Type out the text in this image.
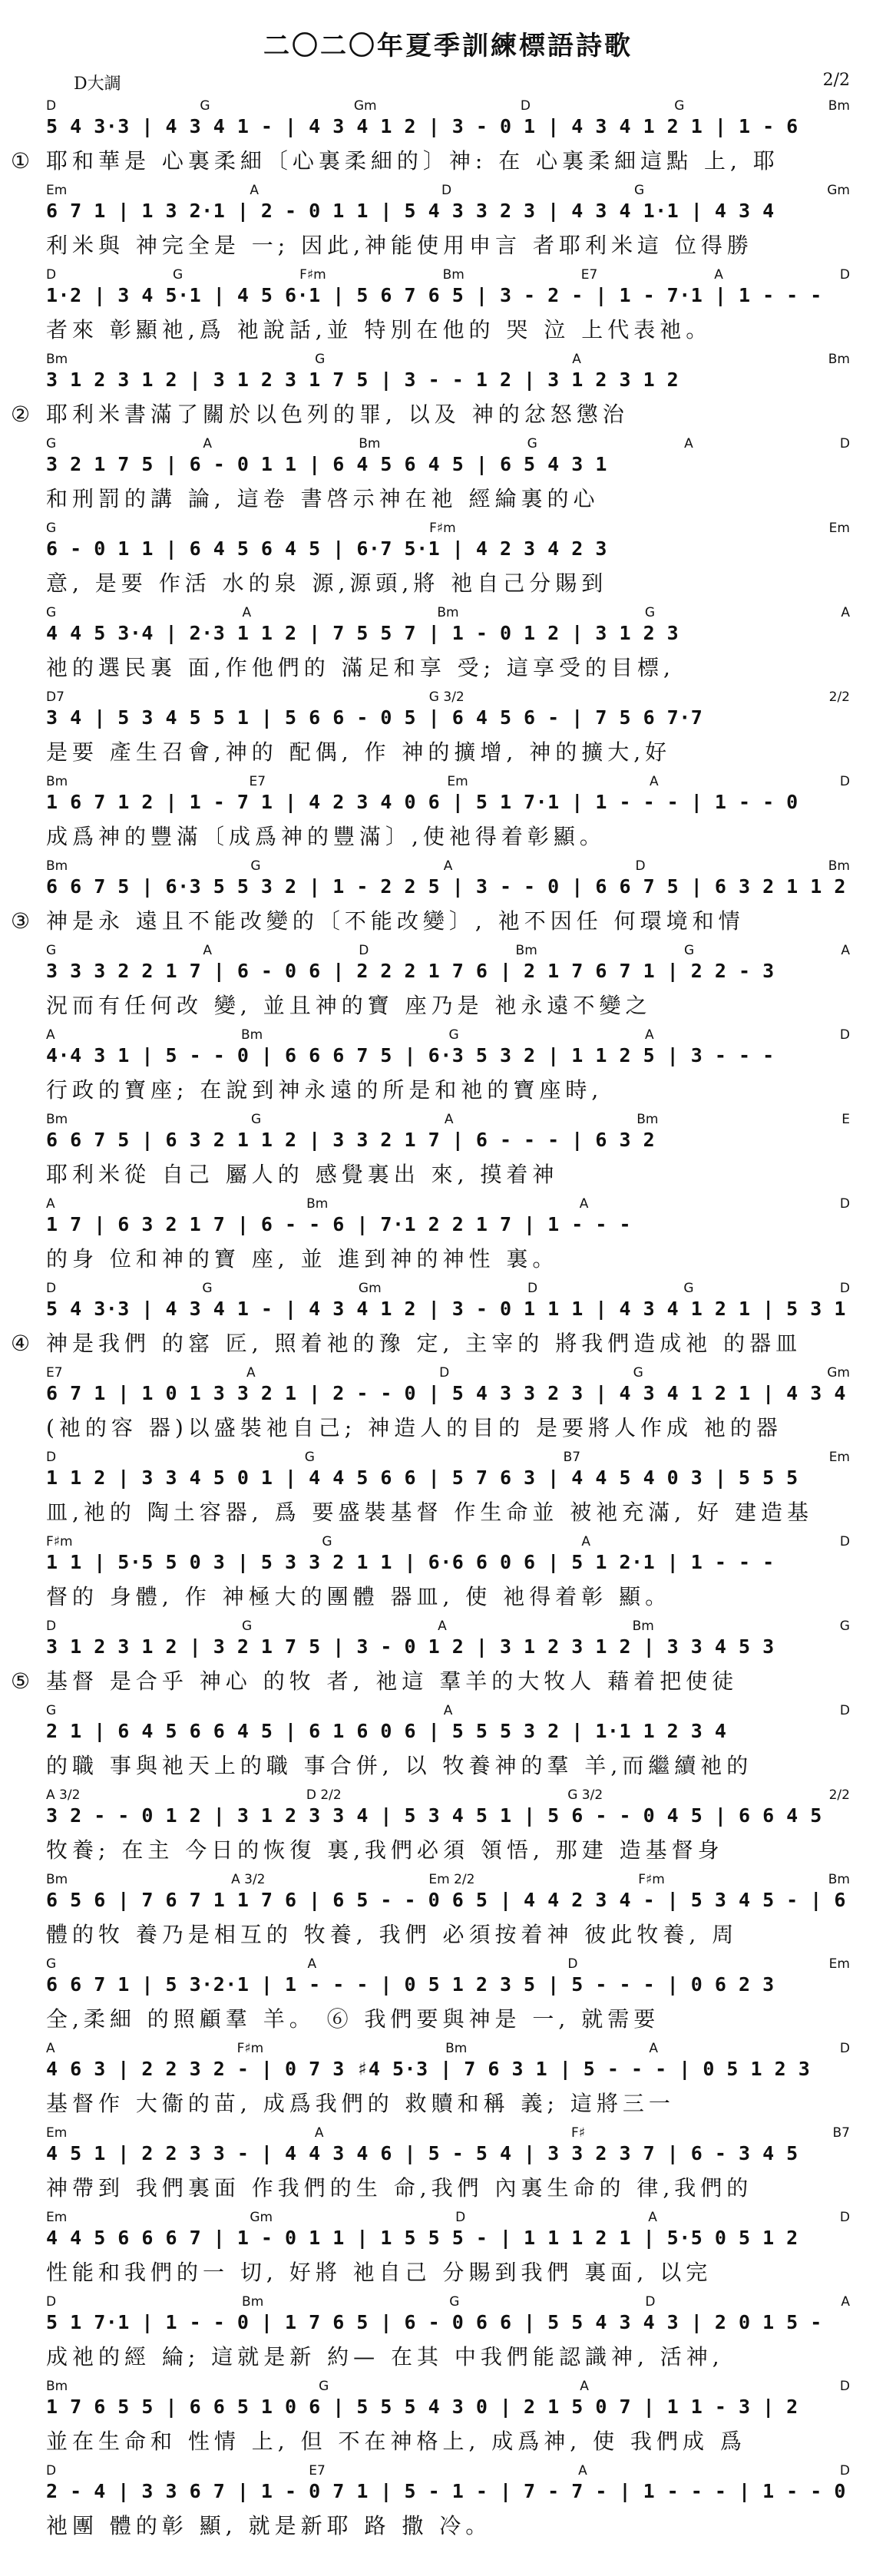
二〇二〇年夏季訓練標語詩歌
D大調	2/2
D	G	Gm	D	G	Bm
5 4 3·3 | 4 3 4 1 - | 4 3 4 1 2 | 3 - 0 1 | 4 3 4 1 2 1 | 1 - 6
① 耶和華是 心裏柔細〔心裏柔細的〕神: 在 心裏柔細這點 上, 耶
Em	A	D	G	Gm
6 7 1 | 1 3 2·1 | 2 - 0 1 1 | 5 4 3 3 2 3 | 4 3 4 1·1 | 4 3 4
利米與 神完全是 一; 因此,神能使用申言 者耶利米這 位得勝
D	G	F♯m	Bm	E7	A	D
1·2 | 3 4 5·1 | 4 5 6·1 | 5 6 7 6 5 | 3 - 2 - | 1 - 7·1 | 1 - - -
者來 彰顯祂,爲 祂說話,並 特別在他的 哭 泣 上代表祂。
Bm	G	A	Bm
3 1 2 3 1 2 | 3 1 2 3 1 7 5 | 3 - - 1 2 | 3 1 2 3 1 2
② 耶利米書滿了關於以色列的罪, 以及 神的忿怒懲治
G	A	Bm	G	A	D
3 2 1 7 5 | 6 - 0 1 1 | 6 4 5 6 4 5 | 6 5 4 3 1
和刑罰的講 論, 這卷 書啓示神在祂 經綸裏的心
G	F♯m	Em
6 - 0 1 1 | 6 4 5 6 4 5 | 6·7 5·1 | 4 2 3 4 2 3
意, 是要 作活 水的泉 源,源頭,將 祂自己分賜到
G	A	Bm	G	A
4 4 5 3·4 | 2·3 1 1 2 | 7 5 5 7 | 1 - 0 1 2 | 3 1 2 3
祂的選民裏 面,作他們的 滿足和享 受; 這享受的目標,
D7	G 3/2	2/2
3 4 | 5 3 4 5 5 1 | 5 6 6 - 0 5 | 6 4 5 6 - | 7 5 6 7·7
是要 產生召會,神的 配偶, 作 神的擴增, 神的擴大,好
Bm	E7	Em	A	D
1 6 7 1 2 | 1 - 7 1 | 4 2 3 4 0 6 | 5 1 7·1 | 1 - - - | 1 - - 0
成爲神的豐滿〔成爲神的豐滿〕,使祂得着彰顯。
Bm	G	A	D	Bm
6 6 7 5 | 6·3 5 5 3 2 | 1 - 2 2 5 | 3 - - 0 | 6 6 7 5 | 6 3 2 1 1 2
③ 神是永 遠且不能改變的〔不能改變〕, 祂不因任 何環境和情
G	A	D	Bm	G	A
3 3 3 2 2 1 7 | 6 - 0 6 | 2 2 2 1 7 6 | 2 1 7 6 7 1 | 2 2 - 3
況而有任何改 變, 並且神的寶 座乃是 祂永遠不變之
A	Bm	G	A	D
4·4 3 1 | 5 - - 0 | 6 6 6 7 5 | 6·3 5 3 2 | 1 1 2 5 | 3 - - -
行政的寶座; 在說到神永遠的所是和祂的寶座時,
Bm	G	A	Bm	E
6 6 7 5 | 6 3 2 1 1 2 | 3 3 2 1 7 | 6 - - - | 6 3 2
耶利米從 自己 屬人的 感覺裏出 來, 摸着神
A	Bm	A	D
1 7 | 6 3 2 1 7 | 6 - - 6 | 7·1 2 2 1 7 | 1 - - -
的身 位和神的寶 座, 並 進到神的神性 裏。
D	G	Gm	D	G	D
5 4 3·3 | 4 3 4 1 - | 4 3 4 1 2 | 3 - 0 1 1 1 | 4 3 4 1 2 1 | 5 3 1
④ 神是我們 的窰 匠, 照着祂的豫 定, 主宰的 將我們造成祂 的器皿
E7	A	D	G	Gm
6 7 1 | 1 0 1 3 3 2 1 | 2 - - 0 | 5 4 3 3 2 3 | 4 3 4 1 2 1 | 4 3 4
(祂的容 器)以盛裝祂自己; 神造人的目的 是要將人作成 祂的器
D	G	B7	Em
1 1 2 | 3 3 4 5 0 1 | 4 4 5 6 6 | 5 7 6 3 | 4 4 5 4 0 3 | 5 5 5
皿,祂的 陶土容器, 爲 要盛裝基督 作生命並 被祂充滿, 好 建造基
F♯m	G	A	D
1 1 | 5·5 5 0 3 | 5 3 3 2 1 1 | 6·6 6 0 6 | 5 1 2·1 | 1 - - -
督的 身體, 作 神極大的團體 器皿, 使 祂得着彰 顯。
D	G	A	Bm	G
3 1 2 3 1 2 | 3 2 1 7 5 | 3 - 0 1 2 | 3 1 2 3 1 2 | 3 3 4 5 3
⑤ 基督 是合乎 神心 的牧 者, 祂這 羣羊的大牧人 藉着把使徒
G	A	D
2 1 | 6 4 5 6 6 4 5 | 6 1 6 0 6 | 5 5 5 3 2 | 1·1 1 2 3 4
的職 事與祂天上的職 事合併, 以 牧養神的羣 羊,而繼續祂的
A 3/2	D 2/2	G 3/2	2/2
3 2 - - 0 1 2 | 3 1 2 3 3 4 | 5 3 4 5 1 | 5 6 - - 0 4 5 | 6 6 4 5
牧養; 在主 今日的恢復 裏,我們必須 領悟, 那建 造基督身
Bm	A 3/2	Em 2/2	F♯m	Bm
6 5 6 | 7 6 7 1 1 7 6 | 6 5 - - 0 6 5 | 4 4 2 3 4 - | 5 3 4 5 - | 6
體的牧 養乃是相互的 牧養, 我們 必須按着神 彼此牧養, 周
G	A	D	Em
6 6 7 1 | 5 3·2·1 | 1 - - - | 0 5 1 2 3 5 | 5 - - - | 0 6 2 3
全,柔細 的照顧羣 羊。 ⑥ 我們要與神是 一, 就需要
A	F♯m	Bm	A	D
4 6 3 | 2 2 3 2 - | 0 7 3 ♯4 5·3 | 7 6 3 1 | 5 - - - | 0 5 1 2 3
基督作 大衞的苗, 成爲我們的 救贖和稱 義; 這將三一
Em	A	F♯	B7
4 5 1 | 2 2 3 3 - | 4 4 3 4 6 | 5 - 5 4 | 3 3 2 3 7 | 6 - 3 4 5
神帶到 我們裏面 作我們的生 命,我們 內裏生命的 律,我們的
Em	Gm	D	A	D
4 4 5 6 6 6 7 | 1 - 0 1 1 | 1 5 5 5 - | 1 1 1 2 1 | 5·5 0 5 1 2
性能和我們的一 切, 好將 祂自己 分賜到我們 裏面, 以完
D	Bm	G	D	A
5 1 7·1 | 1 - - 0 | 1 7 6 5 | 6 - 0 6 6 | 5 5 4 3 4 3 | 2 0 1 5 -
成祂的經 綸; 這就是新 約— 在其 中我們能認識神, 活神,
Bm	G	A	D
1 7 6 5 5 | 6 6 5 1 0 6 | 5 5 5 4 3 0 | 2 1 5 0 7 | 1 1 - 3 | 2
並在生命和 性情 上, 但 不在神格上, 成爲神, 使 我們成 爲
D	E7	A	D
2 - 4 | 3 3 6 7 | 1 - 0 7 1 | 5 - 1 - | 7 - 7 - | 1 - - - | 1 - - 0
祂團 體的彰 顯, 就是新耶 路 撒 冷。
